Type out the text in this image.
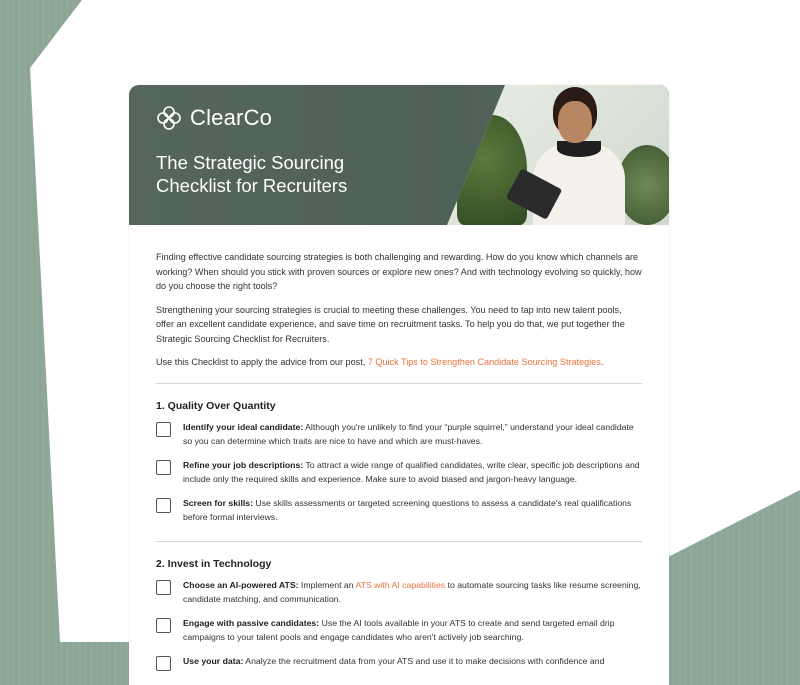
ClearCo
The Strategic Sourcing
Checklist for Recruiters

Finding effective candidate sourcing strategies is both challenging and rewarding. How do you know which channels are working? When should you stick with proven sources or explore new ones? And with technology evolving so quickly, how do you choose the right tools?

Strengthening your sourcing strategies is crucial to meeting these challenges. You need to tap into new talent pools, offer an excellent candidate experience, and save time on recruitment tasks. To help you do that, we put together the Strategic Sourcing Checklist for Recruiters.

Use this Checklist to apply the advice from our post, 7 Quick Tips to Strengthen Candidate Sourcing Strategies.

1. Quality Over Quantity
Identify your ideal candidate: Although you're unlikely to find your “purple squirrel,” understand your ideal candidate so you can determine which traits are nice to have and which are must-haves.
Refine your job descriptions: To attract a wide range of qualified candidates, write clear, specific job descriptions and include only the required skills and experience. Make sure to avoid biased and jargon-heavy language.
Screen for skills: Use skills assessments or targeted screening questions to assess a candidate's real qualifications before formal interviews.
2. Invest in Technology
Choose an AI-powered ATS: Implement an ATS with AI capabilities to automate sourcing tasks like resume screening, candidate matching, and communication.
Engage with passive candidates: Use the AI tools available in your ATS to create and send targeted email drip campaigns to your talent pools and engage candidates who aren't actively job searching.
Use your data: Analyze the recruitment data from your ATS and use it to make decisions with confidence and
